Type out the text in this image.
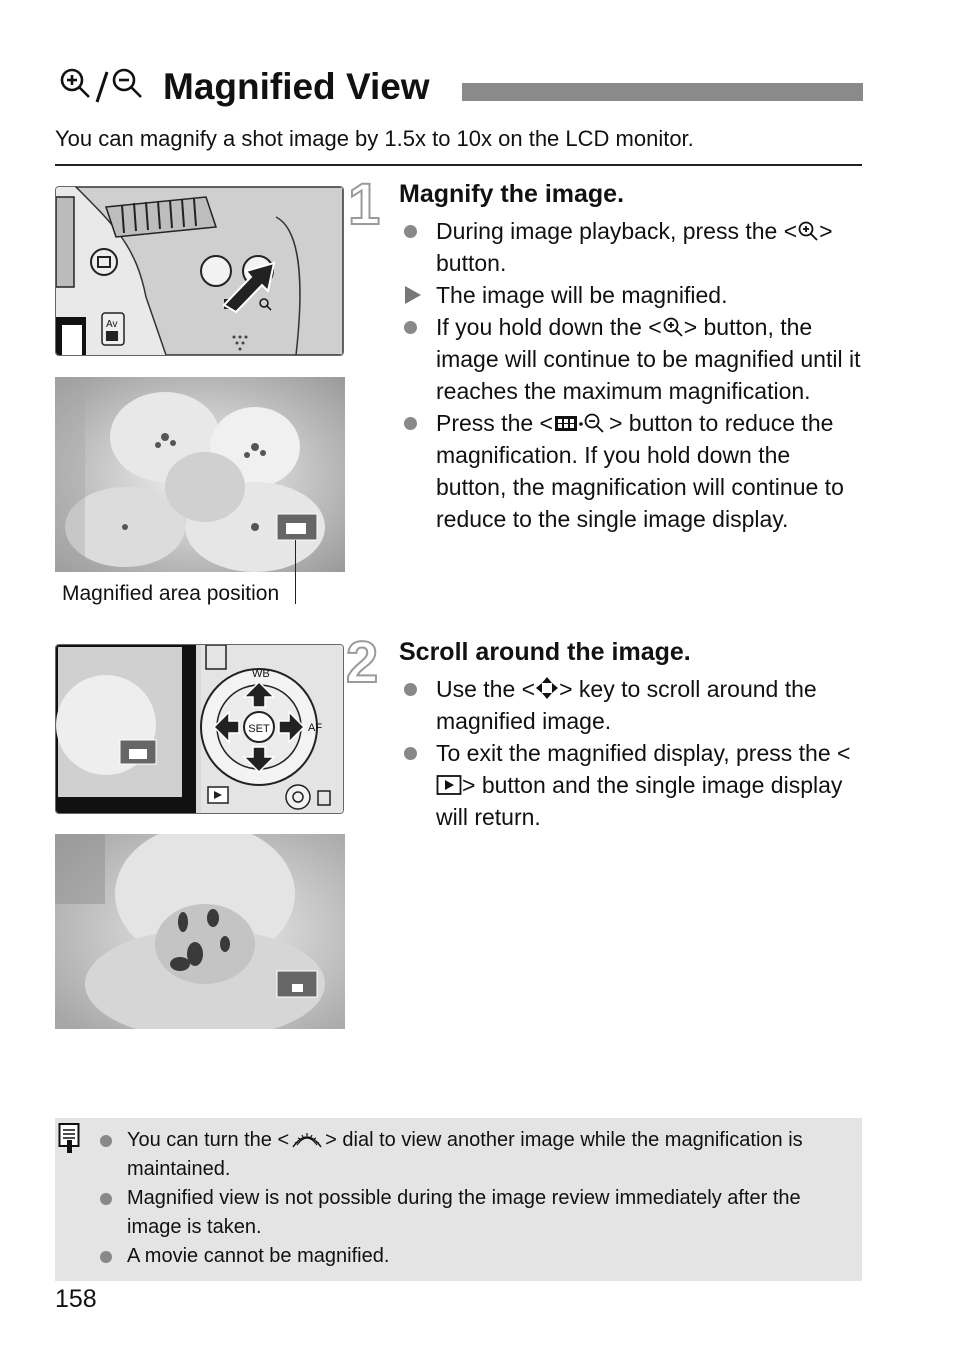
Magnified View
You can magnify a shot image by 1.5x to 10x on the LCD monitor.
Av
Magnified area position
SET
WB
AF
1 Magnify the image.
During image playback, press the < > button.
The image will be magnified.
If you hold down the < > button, the image will continue to be magnified until it reaches the maximum magnification.
Press the < > button to reduce the magnification. If you hold down the button, the magnification will continue to reduce to the single image display.
2 Scroll around the image.
Use the < > key to scroll around the magnified image.
To exit the magnified display, press the <> button and the single image display will return.
You can turn the < > dial to view another image while the magnification is maintained.
Magnified view is not possible during the image review immediately after the image is taken.
A movie cannot be magnified.
158
